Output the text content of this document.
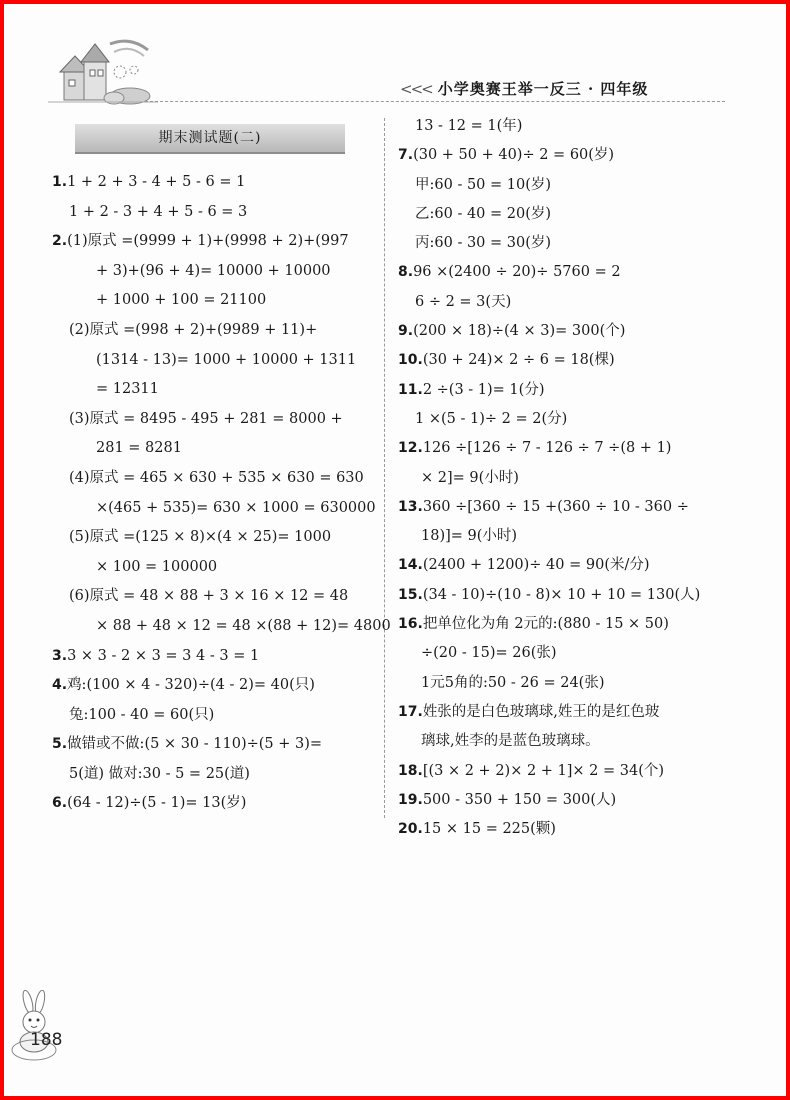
<<< 小学奥赛王举一反三 · 四年级
期末测试题(二)
1.1 + 2 + 3 - 4 + 5 - 6 = 1
1 + 2 - 3 + 4 + 5 - 6 = 3
2.(1)原式 =(9999 + 1)+(9998 + 2)+(997
+ 3)+(96 + 4)= 10000 + 10000
+ 1000 + 100 = 21100
(2)原式 =(998 + 2)+(9989 + 11)+
(1314 - 13)= 1000 + 10000 + 1311
= 12311
(3)原式 = 8495 - 495 + 281 = 8000 +
281 = 8281
(4)原式 = 465 × 630 + 535 × 630 = 630
×(465 + 535)= 630 × 1000 = 630000
(5)原式 =(125 × 8)×(4 × 25)= 1000
× 100 = 100000
(6)原式 = 48 × 88 + 3 × 16 × 12 = 48
× 88 + 48 × 12 = 48 ×(88 + 12)= 4800
3.3 × 3 - 2 × 3 = 3 4 - 3 = 1
4.鸡:(100 × 4 - 320)÷(4 - 2)= 40(只)
兔:100 - 40 = 60(只)
5.做错或不做:(5 × 30 - 110)÷(5 + 3)=
5(道) 做对:30 - 5 = 25(道)
6.(64 - 12)÷(5 - 1)= 13(岁)
13 - 12 = 1(年)
7.(30 + 50 + 40)÷ 2 = 60(岁)
甲:60 - 50 = 10(岁)
乙:60 - 40 = 20(岁)
丙:60 - 30 = 30(岁)
8.96 ×(2400 ÷ 20)÷ 5760 = 2
6 ÷ 2 = 3(天)
9.(200 × 18)÷(4 × 3)= 300(个)
10.(30 + 24)× 2 ÷ 6 = 18(棵)
11.2 ÷(3 - 1)= 1(分)
1 ×(5 - 1)÷ 2 = 2(分)
12.126 ÷[126 ÷ 7 - 126 ÷ 7 ÷(8 + 1)
× 2]= 9(小时)
13.360 ÷[360 ÷ 15 +(360 ÷ 10 - 360 ÷
18)]= 9(小时)
14.(2400 + 1200)÷ 40 = 90(米/分)
15.(34 - 10)÷(10 - 8)× 10 + 10 = 130(人)
16.把单位化为角 2元的:(880 - 15 × 50)
÷(20 - 15)= 26(张)
1元5角的:50 - 26 = 24(张)
17.姓张的是白色玻璃球,姓王的是红色玻
璃球,姓李的是蓝色玻璃球。
18.[(3 × 2 + 2)× 2 + 1]× 2 = 34(个)
19.500 - 350 + 150 = 300(人)
20.15 × 15 = 225(颗)
188
